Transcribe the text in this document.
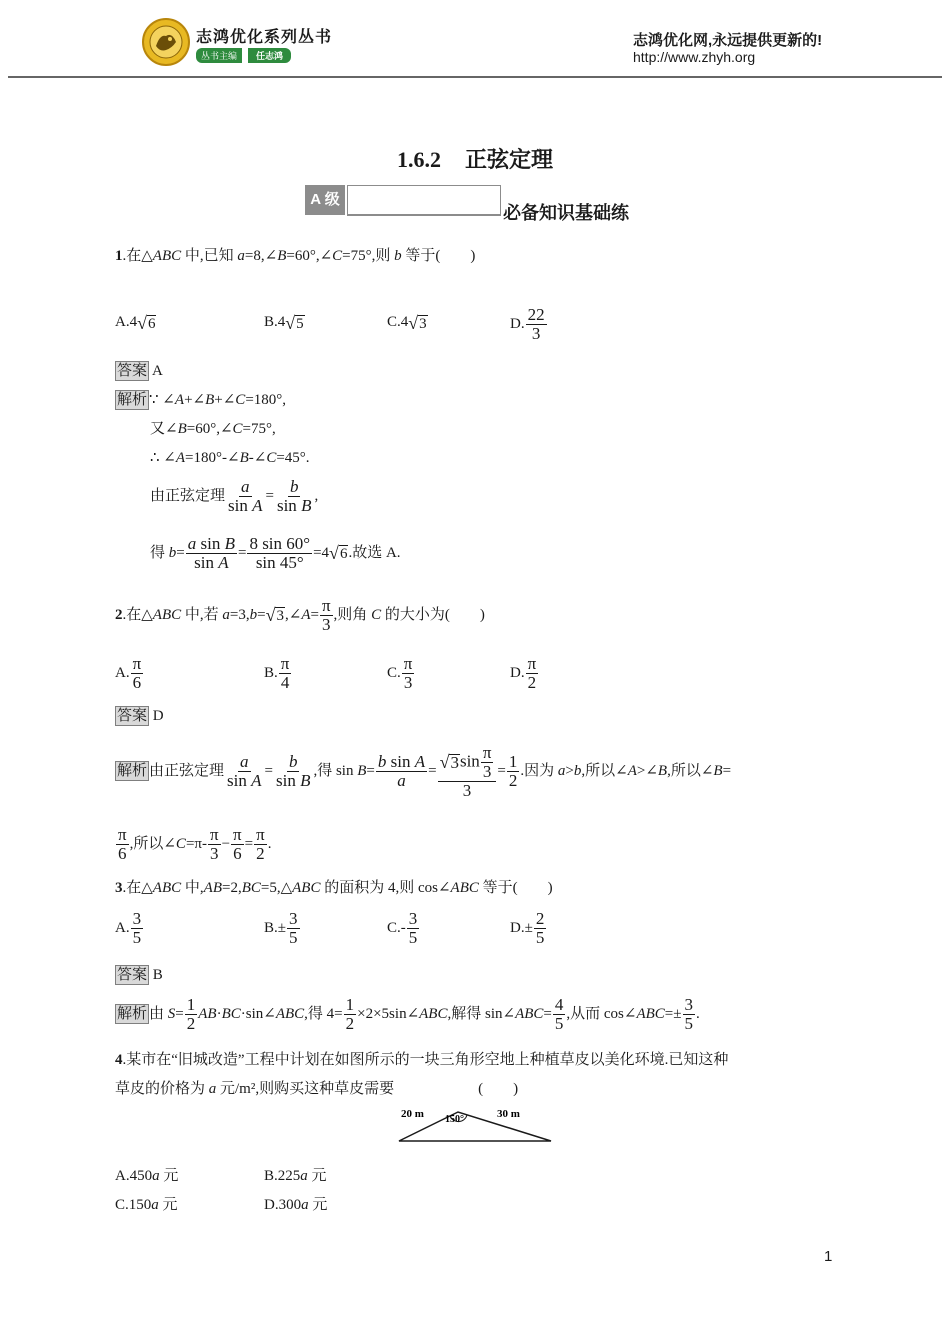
志鸿优化系列丛书
丛书主编	任志鸿
志鸿优化网,永远提供更新的!
http://www.zhyh.org
1.6.2 正弦定理
A 级
必备知识基础练
1.在△ABC 中,已知 a=8,∠B=60°,∠C=75°,则 b 等于(　　)
A.4 √ 6	B.4 √ 5	C.4 √ 3	D. $\frac{22}{3}$
答案 A
解析 ∵ ∠A+∠B+∠C=180°,
又∠B=60°,∠C=75°,
∴ ∠A=180°-∠B-∠C=45°.
由正弦定理 $\frac{a}{\text{sin A}} = \frac{b}{\text{sin B}}$ ,
得 $b= \frac{\text{a sin B}}{\text{sin A}} = \frac{8 \sin 60^\circ}{\sin 45^\circ} =4$ √ 6 .故选 A.
2.在△ABC 中,若 a=3,b= √ 3 ,∠A= $\frac{\pi}{3}$ ,则角 C 的大小为(　　)
A. $\frac{\pi}{6}$	B. $\frac{\pi}{4}$	C. $\frac{\pi}{3}$	D. $\frac{\pi}{2}$
答案 D
解析 由正弦定理 $\frac{a}{\text{sin A}} = \frac{b}{\text{sin B}}$ ,得 $\sin B= \frac{\text{b sin A}}{a} = \frac{√ 3 \sin \frac{\pi}{3}}{3} = \frac{1}{2}$ .因为 a>b,所以∠A>∠B,所以∠B=
$\frac{\pi}{6}$ ,所以∠C=π- $\frac{\pi}{3} - \frac{\pi}{6} = \frac{\pi}{2}$ .
3.在△ABC 中,AB=2,BC=5,△ABC 的面积为 4,则 cos∠ABC 等于(　　)
A. $\frac{3}{5}$	$B.\pm \frac{3}{5}$	$C.- \frac{3}{5}$	$D.\pm \frac{2}{5}$
答案 B
解析 由 $S= \frac{1}{2}$ AB·BC·sin∠ABC,得 $4= \frac{1}{2}$ ×2×5sin∠ABC,解得 sin∠ABC= $\frac{4}{5}$ ,从而 cos∠ABC=± $\frac{3}{5}$ .
4.某市在“旧城改造”工程中计划在如图所示的一块三角形空地上种植草皮以美化环境.已知这种
草皮的价格为 a 元/m²,则购买这种草皮需要	(　　)
20 m 150°	30 m
A.450a 元	B.225a 元
C.150a 元	D.300a 元
1
